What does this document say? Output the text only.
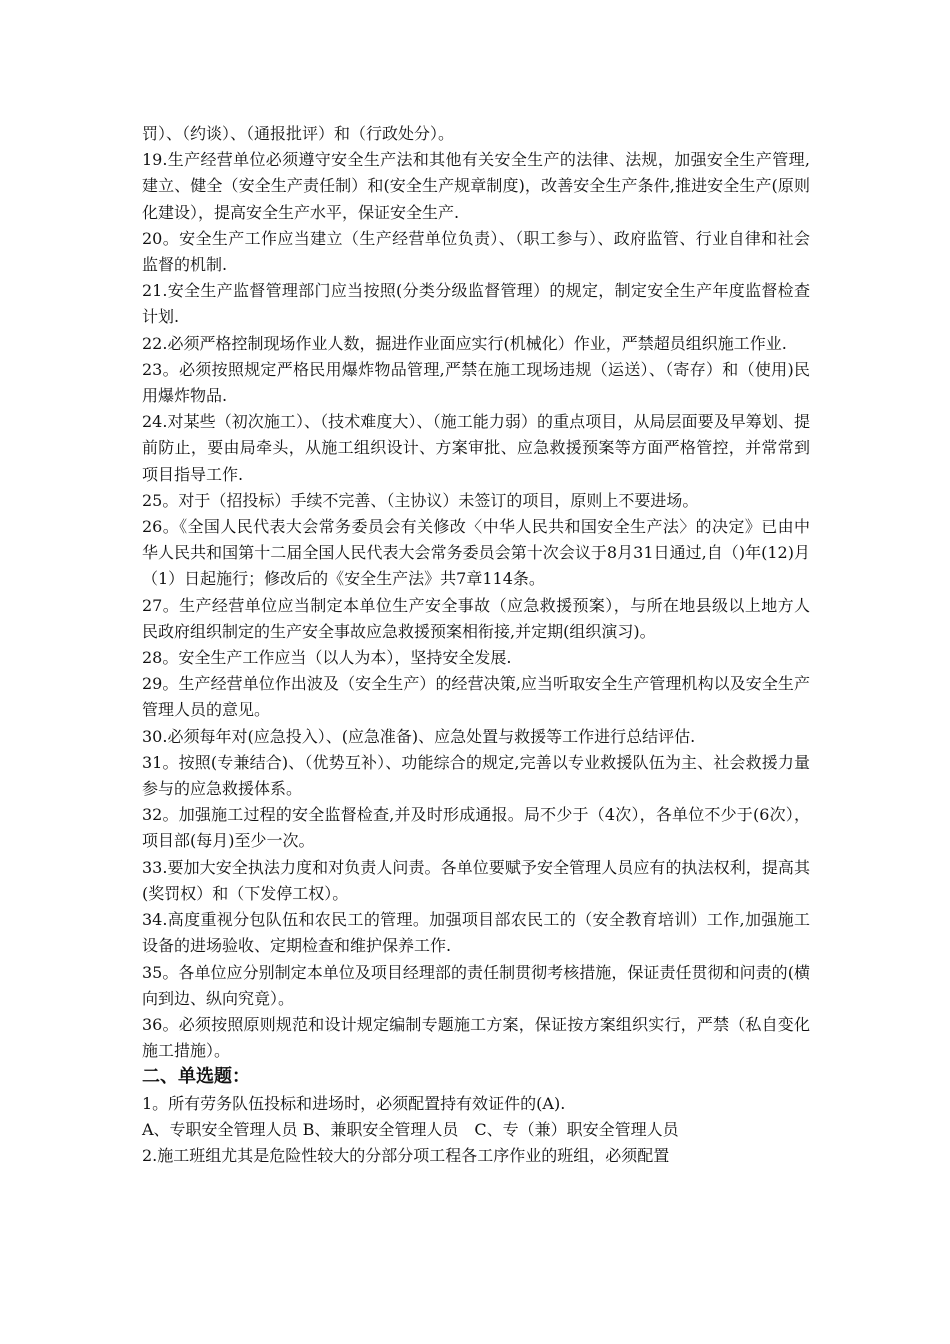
罚）、（约谈）、（通报批评）和（行政处分）。

19.生产经营单位必须遵守安全生产法和其他有关安全生产的法律、法规，加强安全生产管理,建立、健全（安全生产责任制）和(安全生产规章制度)，改善安全生产条件,推进安全生产(原则化建设），提高安全生产水平，保证安全生产.

20。安全生产工作应当建立（生产经营单位负责）、（职工参与）、政府监管、行业自律和社会监督的机制.

21.安全生产监督管理部门应当按照(分类分级监督管理）的规定，制定安全生产年度监督检查计划.

22.必须严格控制现场作业人数，掘进作业面应实行(机械化）作业，严禁超员组织施工作业.

23。必须按照规定严格民用爆炸物品管理,严禁在施工现场违规（运送）、（寄存）和（使用)民用爆炸物品.

24.对某些（初次施工）、（技术难度大）、（施工能力弱）的重点项目，从局层面要及早筹划、提前防止，要由局牵头，从施工组织设计、方案审批、应急救援预案等方面严格管控，并常常到项目指导工作.

25。对于（招投标）手续不完善、（主协议）未签订的项目，原则上不要进场。

26。《全国人民代表大会常务委员会有关修改〈中华人民共和国安全生产法〉的决定》已由中华人民共和国第十二届全国人民代表大会常务委员会第十次会议于8月31日通过,自（)年(12)月（1）日起施行；修改后的《安全生产法》共7章114条。

27。生产经营单位应当制定本单位生产安全事故（应急救援预案），与所在地县级以上地方人民政府组织制定的生产安全事故应急救援预案相衔接,并定期(组织演习)。

28。安全生产工作应当（以人为本），坚持安全发展.

29。生产经营单位作出波及（安全生产）的经营决策,应当听取安全生产管理机构以及安全生产管理人员的意见。

30.必须每年对(应急投入）、(应急准备)、应急处置与救援等工作进行总结评估.

31。按照(专兼结合)、（优势互补）、功能综合的规定,完善以专业救援队伍为主、社会救援力量参与的应急救援体系。

32。加强施工过程的安全监督检查,并及时形成通报。局不少于（4次），各单位不少于(6次），项目部(每月)至少一次。

33.要加大安全执法力度和对负责人问责。各单位要赋予安全管理人员应有的执法权利，提高其(奖罚权）和（下发停工权）。

34.高度重视分包队伍和农民工的管理。加强项目部农民工的（安全教育培训）工作,加强施工设备的进场验收、定期检查和维护保养工作.

35。各单位应分别制定本单位及项目经理部的责任制贯彻考核措施，保证责任贯彻和问责的(横向到边、纵向究竟）。

36。必须按照原则规范和设计规定编制专题施工方案，保证按方案组织实行，严禁（私自变化施工措施）。

二、单选题：

1。所有劳务队伍投标和进场时，必须配置持有效证件的(A).

A、专职安全管理人员 B、兼职安全管理人员　C、专（兼）职安全管理人员

2.施工班组尤其是危险性较大的分部分项工程各工序作业的班组，必须配置
